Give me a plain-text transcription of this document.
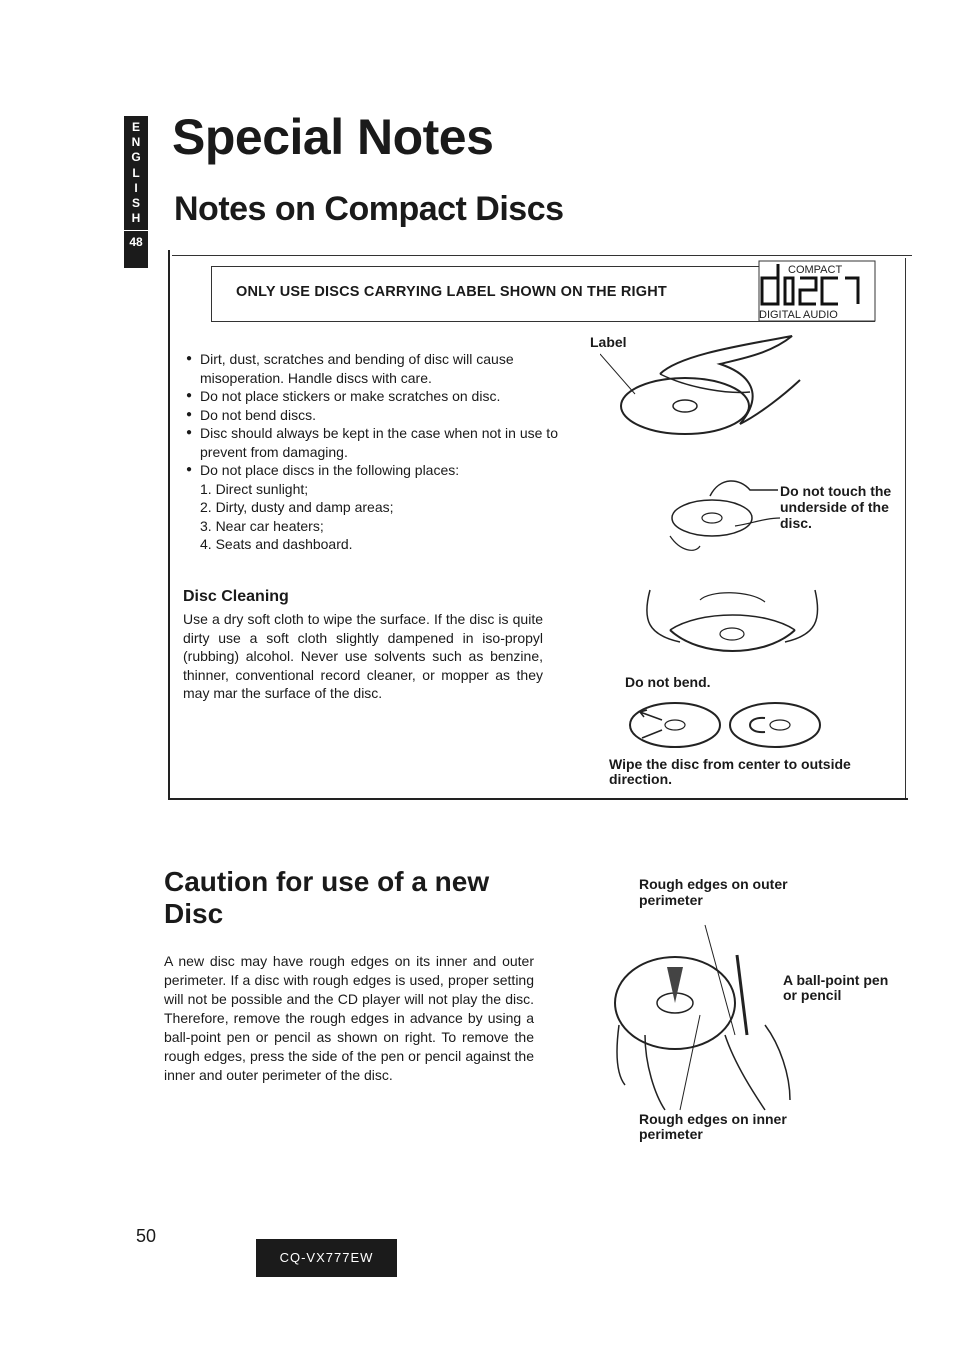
E
N
G
L
I
S
H
48
Special Notes
Notes on Compact Discs
ONLY USE DISCS CARRYING LABEL SHOWN ON THE RIGHT
COMPACT
DIGITAL AUDIO
● Dirt, dust, scratches and bending of disc will cause misoperation. Handle discs with care.
● Do not place stickers or make scratches on disc.
● Do not bend discs.
● Disc should always be kept in the case when not in use to prevent from damaging.
● Do not place discs in the following places:
1. Direct sunlight;
2. Dirty, dusty and damp areas;
3. Near car heaters;
4. Seats and dashboard.
Disc Cleaning
Use a dry soft cloth to wipe the surface. If the disc is quite dirty use a soft cloth slightly dampened in iso-propyl (rubbing) alcohol. Never use solvents such as benzine, thinner, conventional record cleaner, or mopper as they may mar the surface of the disc.
Label
Do not touch the underside of the disc.
Do not bend.
Wipe the disc from center to outside direction.
Caution for use of a new Disc
A new disc may have rough edges on its inner and outer perimeter. If a disc with rough edges is used, proper setting will not be possible and the CD player will not play the disc. Therefore, remove the rough edges in advance by using a ball-point pen or pencil as shown on right. To remove the rough edges, press the side of the pen or pencil against the inner and outer perimeter of the disc.
Rough edges on outer perimeter
A ball-point pen or pencil
Rough edges on inner perimeter
50
CQ-VX777EW
